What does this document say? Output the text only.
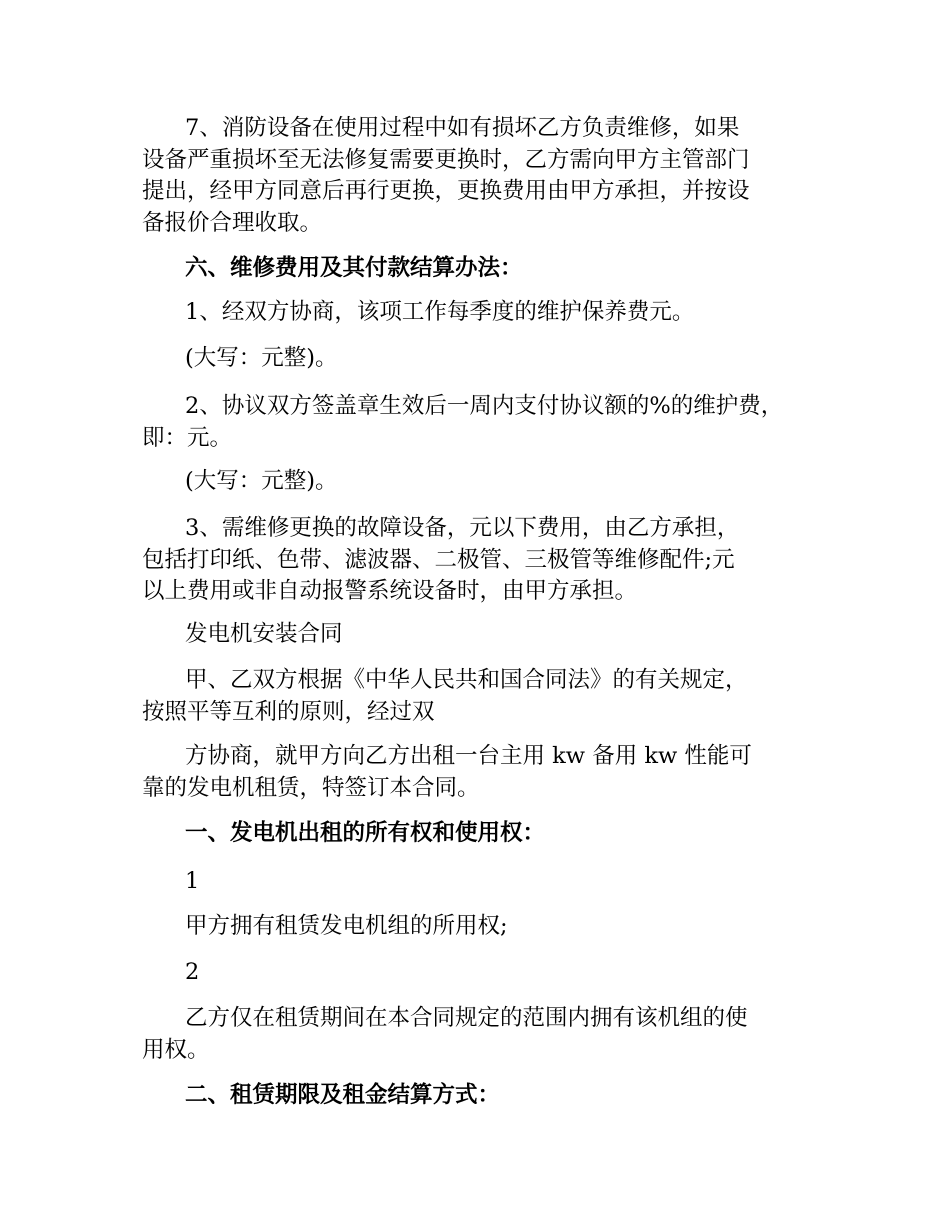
7、消防设备在使用过程中如有损坏乙方负责维修，如果
设备严重损坏至无法修复需要更换时，乙方需向甲方主管部门
提出，经甲方同意后再行更换，更换费用由甲方承担，并按设
备报价合理收取。
六、维修费用及其付款结算办法：
1、经双方协商，该项工作每季度的维护保养费元。
(大写：元整)。
2、协议双方签盖章生效后一周内支付协议额的%的维护费，
即：元。
(大写：元整)。
3、需维修更换的故障设备，元以下费用，由乙方承担，
包括打印纸、色带、滤波器、二极管、三极管等维修配件;元
以上费用或非自动报警系统设备时，由甲方承担。
发电机安装合同
甲、乙双方根据《中华人民共和国合同法》的有关规定，
按照平等互利的原则，经过双
方协商，就甲方向乙方出租一台主用 kw 备用 kw 性能可
靠的发电机租赁，特签订本合同。
一、发电机出租的所有权和使用权：
1
甲方拥有租赁发电机组的所用权;
2
乙方仅在租赁期间在本合同规定的范围内拥有该机组的使
用权。
二、租赁期限及租金结算方式：
